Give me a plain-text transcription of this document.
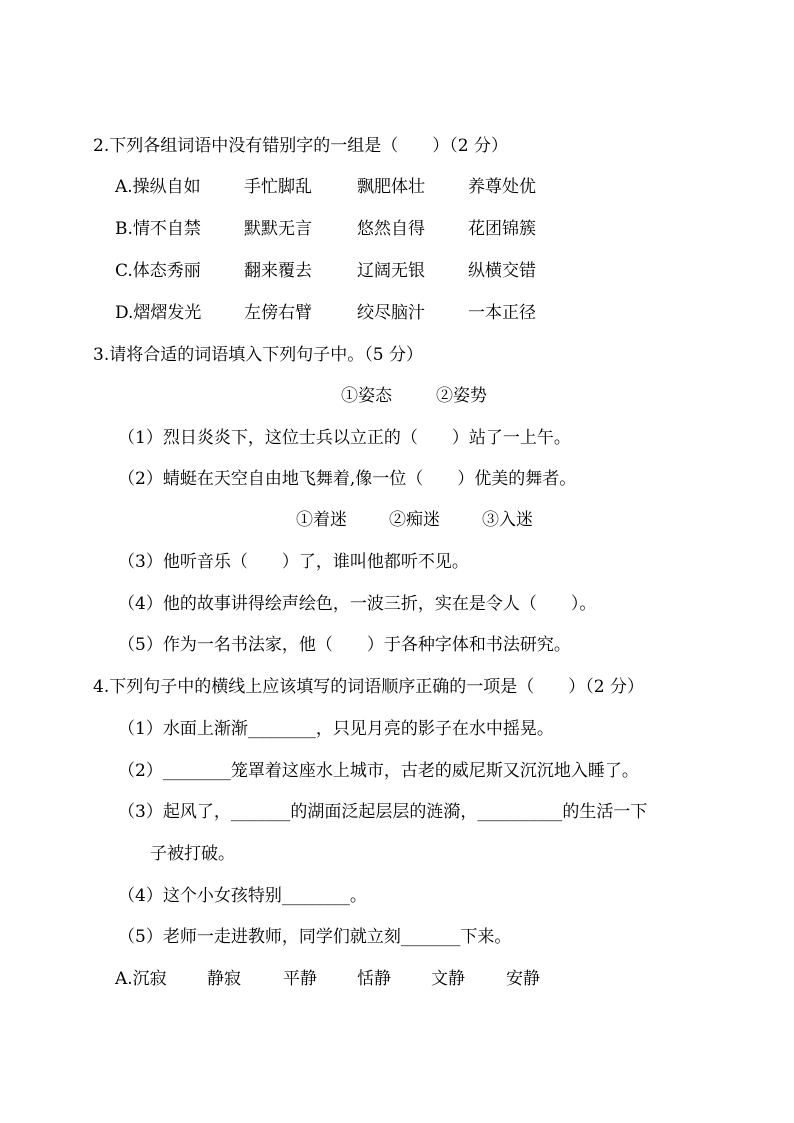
2.下列各组词语中没有错别字的一组是（　　）（2 分）
A.操纵自如	手忙脚乱	飘肥体壮	养尊处优
B.情不自禁	默默无言	悠然自得	花团锦簇
C.体态秀丽	翻来覆去	辽阔无银	纵横交错
D.熠熠发光	左傍右臂	绞尽脑汁	一本正径
3.请将合适的词语填入下列句子中。（5 分）
①姿态	②姿势
（1）烈日炎炎下，这位士兵以立正的（　　）站了一上午。
（2）蜻蜓在天空自由地飞舞着,像一位（　　）优美的舞者。
①着迷 ②痴迷 ③入迷
（3）他听音乐（　　）了，谁叫他都听不见。
（4）他的故事讲得绘声绘色，一波三折，实在是令人（　　）。
（5）作为一名书法家，他（　　）于各种字体和书法研究。
4.下列句子中的横线上应该填写的词语顺序正确的一项是（　　）（2 分）
（1）水面上渐渐________，只见月亮的影子在水中摇晃。
（2）________笼罩着这座水上城市，古老的威尼斯又沉沉地入睡了。
（3）起风了，_______的湖面泛起层层的涟漪，__________的生活一下
子被打破。
（4）这个小女孩特别________。
（5）老师一走进教师，同学们就立刻_______下来。
A.沉寂 静寂 平静 恬静 文静 安静
